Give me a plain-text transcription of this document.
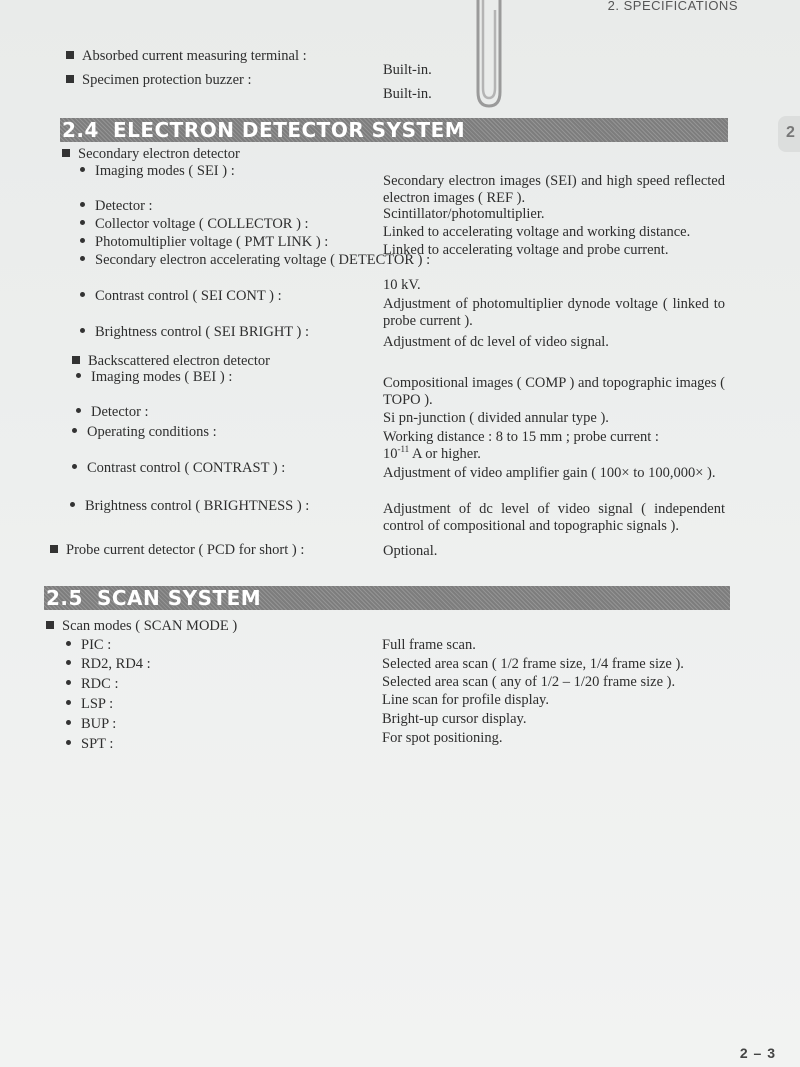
2. SPECIFICATIONS
2
Absorbed current measuring terminal :
Built-in.
Specimen protection buzzer :
Built-in.
2.4 ELECTRON DETECTOR SYSTEM
Secondary electron detector
Imaging modes ( SEI ) :
Secondary electron images (SEI) and high speed reflected electron images ( REF ).
Detector :	Scintillator/photomultiplier.
Collector voltage ( COLLECTOR ) :	Linked to accelerating voltage and working distance.
Photomultiplier voltage ( PMT LINK ) :	Linked to accelerating voltage and probe current.
Secondary electron accelerating voltage ( DETECTOR ) :
10 kV.
Contrast control ( SEI CONT ) :	Adjustment of photomultiplier dynode voltage ( linked to probe current ).
Brightness control ( SEI BRIGHT ) :
Adjustment of dc level of video signal.
Backscattered electron detector
Imaging modes ( BEI ) :	Compositional images ( COMP ) and topographic images ( TOPO ).
Detector :	Si pn-junction ( divided annular type ).
Operating conditions :	Working distance : 8 to 15 mm ; probe current :
$10^{-11}$ A or higher.
Contrast control ( CONTRAST ) :	Adjustment of video amplifier gain ( 100× to 100,000× ).
Brightness control ( BRIGHTNESS ) :	Adjustment of dc level of video signal ( independent control of compositional and topographic signals ).
Probe current detector ( PCD for short ) :	Optional.
2.5 SCAN SYSTEM
Scan modes ( SCAN MODE )
PIC :	Full frame scan.
RD2, RD4 :	Selected area scan ( 1/2 frame size, 1/4 frame size ).
RDC :	Selected area scan ( any of 1/2 – 1/20 frame size ).
LSP :	Line scan for profile display.
BUP :	Bright-up cursor display.
SPT :	For spot positioning.
2 – 3
